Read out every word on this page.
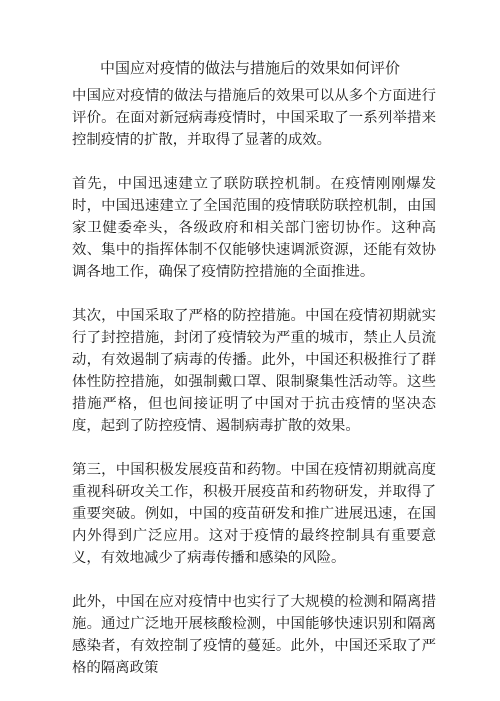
中国应对疫情的做法与措施后的效果如何评价

中国应对疫情的做法与措施后的效果可以从多个方面进行评价。在面对新冠病毒疫情时，中国采取了一系列举措来控制疫情的扩散，并取得了显著的成效。

首先，中国迅速建立了联防联控机制。在疫情刚刚爆发时，中国迅速建立了全国范围的疫情联防联控机制，由国家卫健委牵头，各级政府和相关部门密切协作。这种高效、集中的指挥体制不仅能够快速调派资源，还能有效协调各地工作，确保了疫情防控措施的全面推进。

其次，中国采取了严格的防控措施。中国在疫情初期就实行了封控措施，封闭了疫情较为严重的城市，禁止人员流动，有效遏制了病毒的传播。此外，中国还积极推行了群体性防控措施，如强制戴口罩、限制聚集性活动等。这些措施严格，但也间接证明了中国对于抗击疫情的坚决态度，起到了防控疫情、遏制病毒扩散的效果。

第三，中国积极发展疫苗和药物。中国在疫情初期就高度重视科研攻关工作，积极开展疫苗和药物研发，并取得了重要突破。例如，中国的疫苗研发和推广进展迅速，在国内外得到广泛应用。这对于疫情的最终控制具有重要意义，有效地减少了病毒传播和感染的风险。

此外，中国在应对疫情中也实行了大规模的检测和隔离措施。通过广泛地开展核酸检测，中国能够快速识别和隔离感染者，有效控制了疫情的蔓延。此外，中国还采取了严格的隔离政策
